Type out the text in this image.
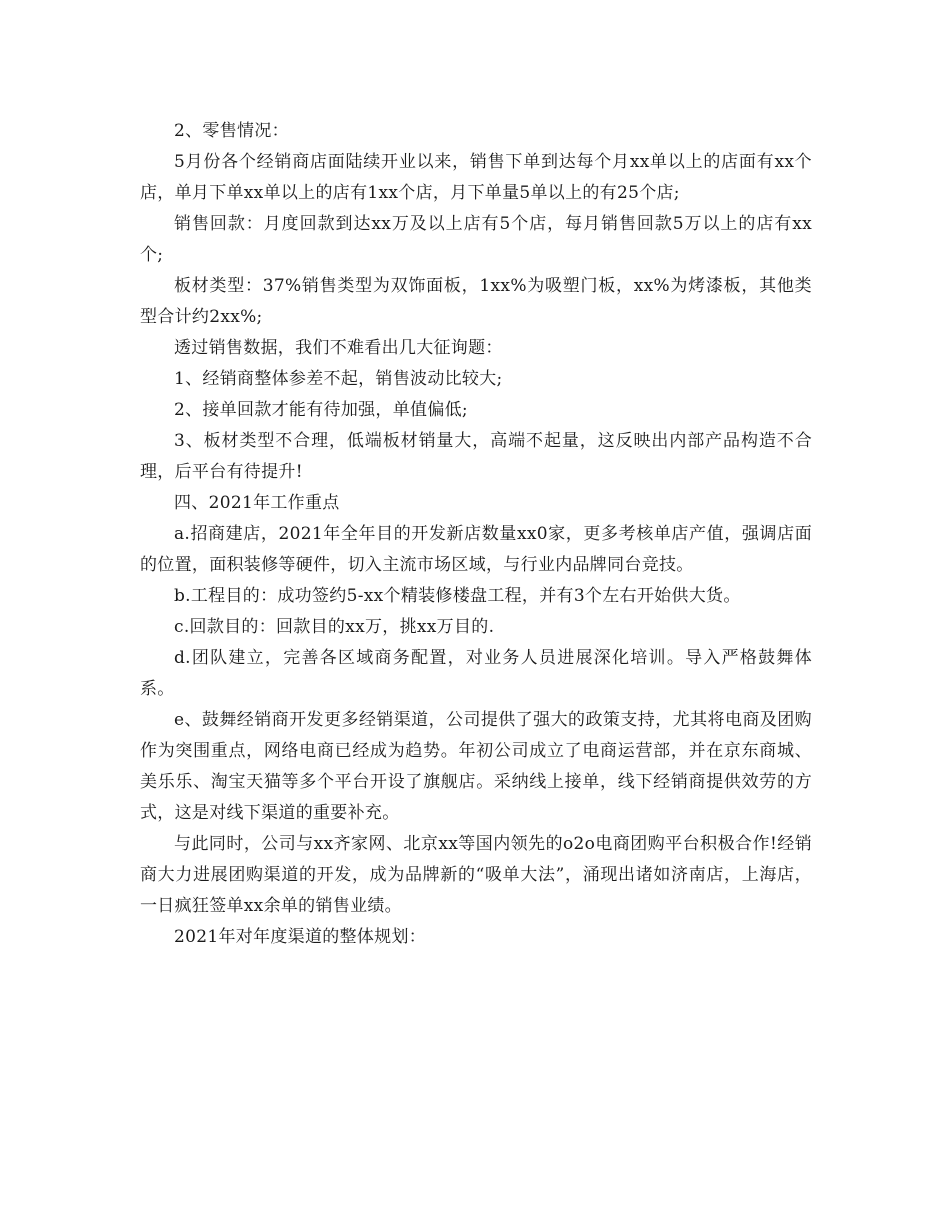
2、零售情况：

5月份各个经销商店面陆续开业以来，销售下单到达每个月xx单以上的店面有xx个店，单月下单xx单以上的店有1xx个店，月下单量5单以上的有25个店;

销售回款：月度回款到达xx万及以上店有5个店，每月销售回款5万以上的店有xx个;

板材类型：37%销售类型为双饰面板，1xx%为吸塑门板，xx%为烤漆板，其他类型合计约2xx%;

透过销售数据，我们不难看出几大征询题：

1、经销商整体参差不起，销售波动比较大;

2、接单回款才能有待加强，单值偏低;

3、板材类型不合理，低端板材销量大，高端不起量，这反映出内部产品构造不合理，后平台有待提升!

四、2021年工作重点

a.招商建店，2021年全年目的开发新店数量xx0家，更多考核单店产值，强调店面的位置，面积装修等硬件，切入主流市场区域，与行业内品牌同台竞技。

b.工程目的：成功签约5-xx个精装修楼盘工程，并有3个左右开始供大货。

c.回款目的：回款目的xx万，挑xx万目的.

d.团队建立，完善各区域商务配置，对业务人员进展深化培训。导入严格鼓舞体系。

e、鼓舞经销商开发更多经销渠道，公司提供了强大的政策支持，尤其将电商及团购作为突围重点，网络电商已经成为趋势。年初公司成立了电商运营部，并在京东商城、美乐乐、淘宝天猫等多个平台开设了旗舰店。采纳线上接单，线下经销商提供效劳的方式，这是对线下渠道的重要补充。

与此同时，公司与xx齐家网、北京xx等国内领先的o2o电商团购平台积极合作!经销商大力进展团购渠道的开发，成为品牌新的“吸单大法”，涌现出诸如济南店，上海店，一日疯狂签单xx余单的销售业绩。

2021年对年度渠道的整体规划：
